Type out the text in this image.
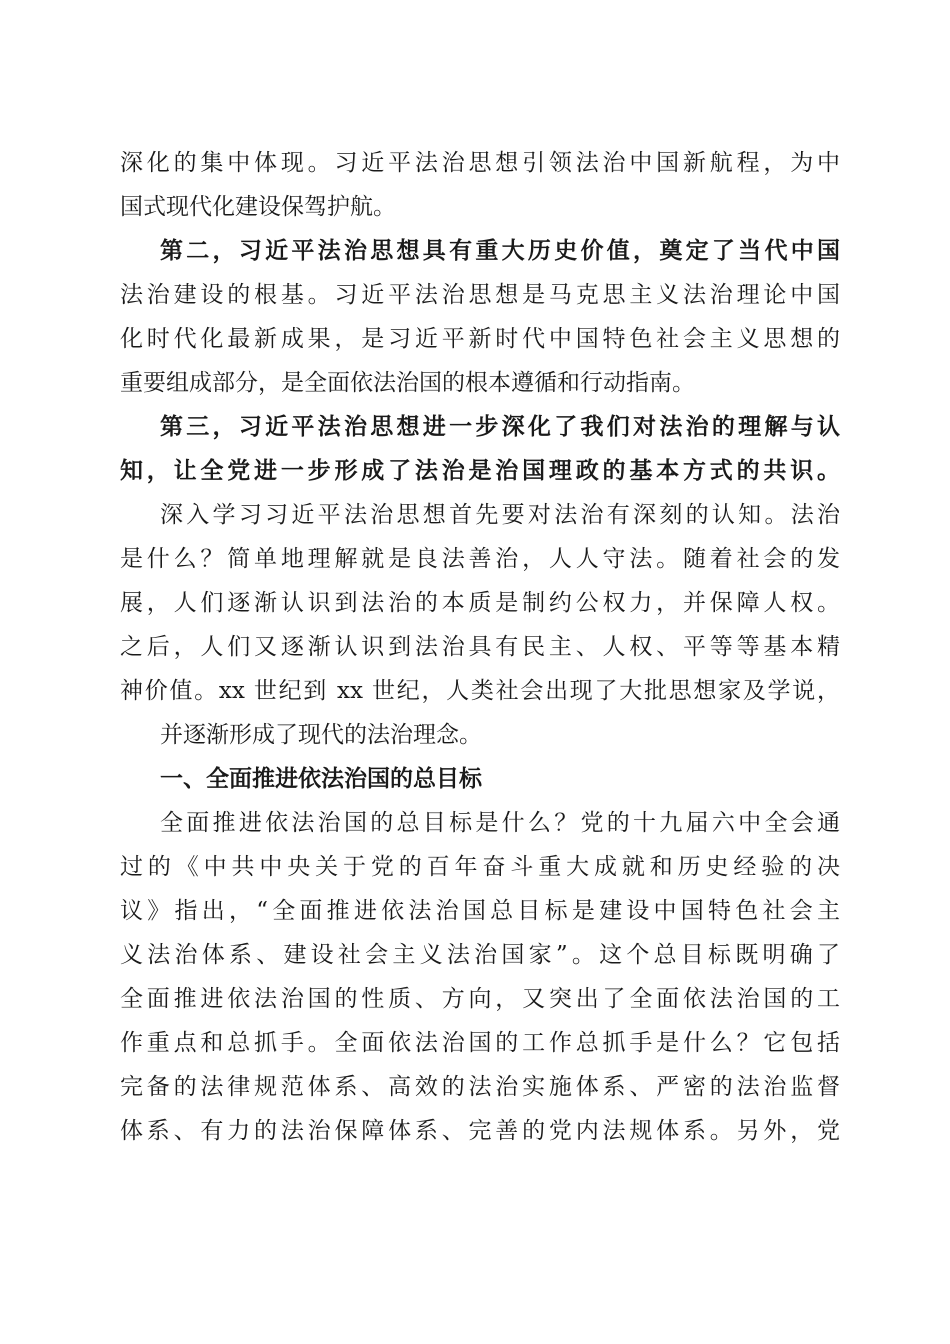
深化的集中体现。习近平法治思想引领法治中国新航程，为中
国式现代化建设保驾护航。
第二，习近平法治思想具有重大历史价值，奠定了当代中国
法治建设的根基。习近平法治思想是马克思主义法治理论中国
化时代化最新成果，是习近平新时代中国特色社会主义思想的
重要组成部分，是全面依法治国的根本遵循和行动指南。
第三，习近平法治思想进一步深化了我们对法治的理解与认
知，让全党进一步形成了法治是治国理政的基本方式的共识。
深入学习习近平法治思想首先要对法治有深刻的认知。法治
是什么？简单地理解就是良法善治，人人守法。随着社会的发
展，人们逐渐认识到法治的本质是制约公权力，并保障人权。
之后，人们又逐渐认识到法治具有民主、人权、平等等基本精
神价值。xx 世纪到 xx 世纪，人类社会出现了大批思想家及学说，
并逐渐形成了现代的法治理念。
一、全面推进依法治国的总目标
全面推进依法治国的总目标是什么？党的十九届六中全会通
过的《中共中央关于党的百年奋斗重大成就和历史经验的决
议》指出，“全面推进依法治国总目标是建设中国特色社会主
义法治体系、建设社会主义法治国家”。这个总目标既明确了
全面推进依法治国的性质、方向，又突出了全面依法治国的工
作重点和总抓手。全面依法治国的工作总抓手是什么？它包括
完备的法律规范体系、高效的法治实施体系、严密的法治监督
体系、有力的法治保障体系、完善的党内法规体系。另外，党
